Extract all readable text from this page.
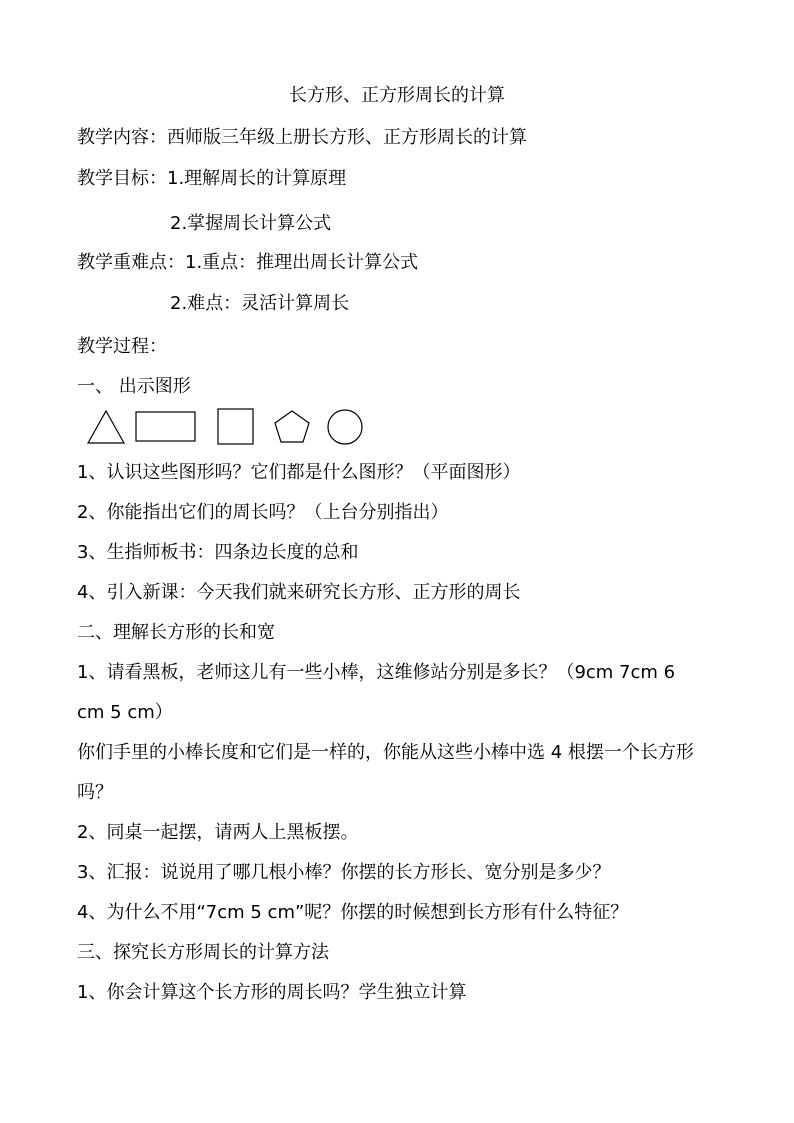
长方形、正方形周长的计算
教学内容：西师版三年级上册长方形、正方形周长的计算
教学目标：1.理解周长的计算原理
2.掌握周长计算公式
教学重难点：1.重点：推理出周长计算公式
2.难点：灵活计算周长
教学过程：
一、 出示图形
1、认识这些图形吗？它们都是什么图形？（平面图形）
2、你能指出它们的周长吗？（上台分别指出）
3、生指师板书：四条边长度的总和
4、引入新课：今天我们就来研究长方形、正方形的周长
二、理解长方形的长和宽
1、请看黑板，老师这儿有一些小棒，这维修站分别是多长？（9cm 7cm 6
cm 5 cm）
你们手里的小棒长度和它们是一样的，你能从这些小棒中选 4 根摆一个长方形
吗？
2、同桌一起摆，请两人上黑板摆。
3、汇报：说说用了哪几根小棒？你摆的长方形长、宽分别是多少？
4、为什么不用“7cm 5 cm”呢？你摆的时候想到长方形有什么特征？
三、探究长方形周长的计算方法
1、你会计算这个长方形的周长吗？学生独立计算
